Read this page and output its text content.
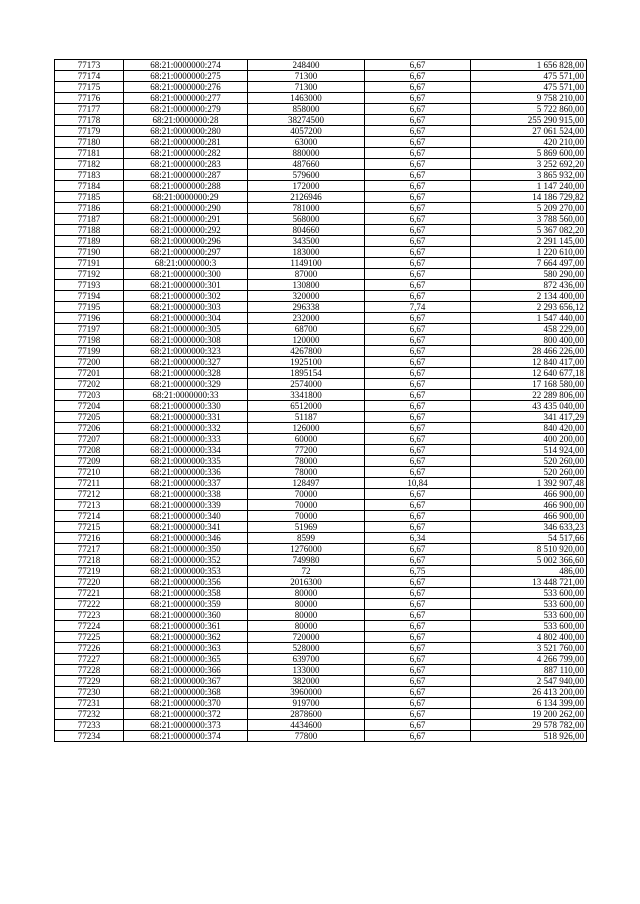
77173	68:21:0000000:274	248400	6,67	1 656 828,00
77174	68:21:0000000:275	71300	6,67	475 571,00
77175	68:21:0000000:276	71300	6,67	475 571,00
77176	68:21:0000000:277	1463000	6,67	9 758 210,00
77177	68:21:0000000:279	858000	6,67	5 722 860,00
77178	68:21:0000000:28	38274500	6,67	255 290 915,00
77179	68:21:0000000:280	4057200	6,67	27 061 524,00
77180	68:21:0000000:281	63000	6,67	420 210,00
77181	68:21:0000000:282	880000	6,67	5 869 600,00
77182	68:21:0000000:283	487660	6,67	3 252 692,20
77183	68:21:0000000:287	579600	6,67	3 865 932,00
77184	68:21:0000000:288	172000	6,67	1 147 240,00
77185	68:21:0000000:29	2126946	6,67	14 186 729,82
77186	68:21:0000000:290	781000	6,67	5 209 270,00
77187	68:21:0000000:291	568000	6,67	3 788 560,00
77188	68:21:0000000:292	804660	6,67	5 367 082,20
77189	68:21:0000000:296	343500	6,67	2 291 145,00
77190	68:21:0000000:297	183000	6,67	1 220 610,00
77191	68:21:0000000:3	1149100	6,67	7 664 497,00
77192	68:21:0000000:300	87000	6,67	580 290,00
77193	68:21:0000000:301	130800	6,67	872 436,00
77194	68:21:0000000:302	320000	6,67	2 134 400,00
77195	68:21:0000000:303	296338	7,74	2 293 656,12
77196	68:21:0000000:304	232000	6,67	1 547 440,00
77197	68:21:0000000:305	68700	6,67	458 229,00
77198	68:21:0000000:308	120000	6,67	800 400,00
77199	68:21:0000000:323	4267800	6,67	28 466 226,00
77200	68:21:0000000:327	1925100	6,67	12 840 417,00
77201	68:21:0000000:328	1895154	6,67	12 640 677,18
77202	68:21:0000000:329	2574000	6,67	17 168 580,00
77203	68:21:0000000:33	3341800	6,67	22 289 806,00
77204	68:21:0000000:330	6512000	6,67	43 435 040,00
77205	68:21:0000000:331	51187	6,67	341 417,29
77206	68:21:0000000:332	126000	6,67	840 420,00
77207	68:21:0000000:333	60000	6,67	400 200,00
77208	68:21:0000000:334	77200	6,67	514 924,00
77209	68:21:0000000:335	78000	6,67	520 260,00
77210	68:21:0000000:336	78000	6,67	520 260,00
77211	68:21:0000000:337	128497	10,84	1 392 907,48
77212	68:21:0000000:338	70000	6,67	466 900,00
77213	68:21:0000000:339	70000	6,67	466 900,00
77214	68:21:0000000:340	70000	6,67	466 900,00
77215	68:21:0000000:341	51969	6,67	346 633,23
77216	68:21:0000000:346	8599	6,34	54 517,66
77217	68:21:0000000:350	1276000	6,67	8 510 920,00
77218	68:21:0000000:352	749980	6,67	5 002 366,60
77219	68:21:0000000:353	72	6,75	486,00
77220	68:21:0000000:356	2016300	6,67	13 448 721,00
77221	68:21:0000000:358	80000	6,67	533 600,00
77222	68:21:0000000:359	80000	6,67	533 600,00
77223	68:21:0000000:360	80000	6,67	533 600,00
77224	68:21:0000000:361	80000	6,67	533 600,00
77225	68:21:0000000:362	720000	6,67	4 802 400,00
77226	68:21:0000000:363	528000	6,67	3 521 760,00
77227	68:21:0000000:365	639700	6,67	4 266 799,00
77228	68:21:0000000:366	133000	6,67	887 110,00
77229	68:21:0000000:367	382000	6,67	2 547 940,00
77230	68:21:0000000:368	3960000	6,67	26 413 200,00
77231	68:21:0000000:370	919700	6,67	6 134 399,00
77232	68:21:0000000:372	2878600	6,67	19 200 262,00
77233	68:21:0000000:373	4434600	6,67	29 578 782,00
77234	68:21:0000000:374	77800	6,67	518 926,00
